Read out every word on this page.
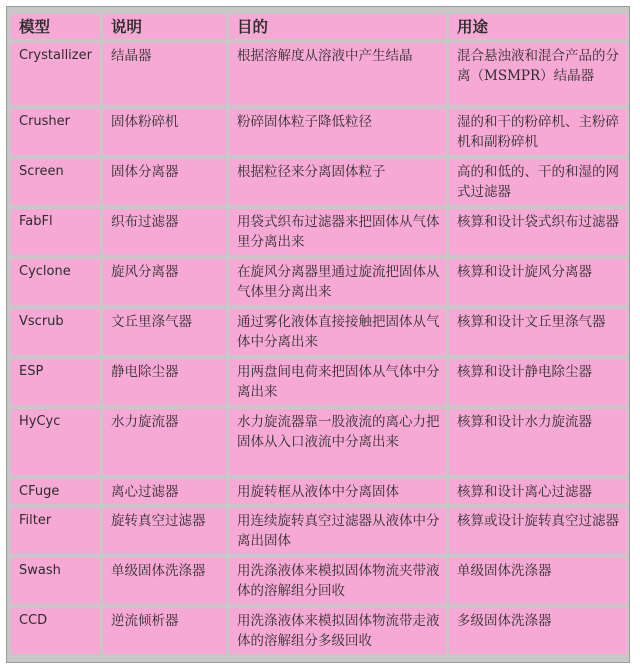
模型	说明	目的	用途
Crystallizer	结晶器	根据溶解度从溶液中产生结晶	混合悬浊液和混合产品的分离（MSMPR）结晶器
Crusher	固体粉碎机	粉碎固体粒子降低粒径	湿的和干的粉碎机、主粉碎机和副粉碎机
Screen	固体分离器	根据粒径来分离固体粒子	高的和低的、干的和湿的网式过滤器
FabFl	织布过滤器	用袋式织布过滤器来把固体从气体里分离出来	核算和设计袋式织布过滤器
Cyclone	旋风分离器	在旋风分离器里通过旋流把固体从气体里分离出来	核算和设计旋风分离器
Vscrub	文丘里涤气器	通过雾化液体直接接触把固体从气体中分离出来	核算和设计文丘里涤气器
ESP	静电除尘器	用两盘间电荷来把固体从气体中分离出来	核算和设计静电除尘器
HyCyc	水力旋流器	水力旋流器靠一股液流的离心力把固体从入口液流中分离出来	核算和设计水力旋流器
CFuge	离心过滤器	用旋转框从液体中分离固体	核算和设计离心过滤器
Filter	旋转真空过滤器	用连续旋转真空过滤器从液体中分离出固体	核算或设计旋转真空过滤器
Swash	单级固体洗涤器	用洗涤液体来模拟固体物流夹带液体的溶解组分回收	单级固体洗涤器
CCD	逆流倾析器	用洗涤液体来模拟固体物流带走液体的溶解组分多级回收	多级固体洗涤器
